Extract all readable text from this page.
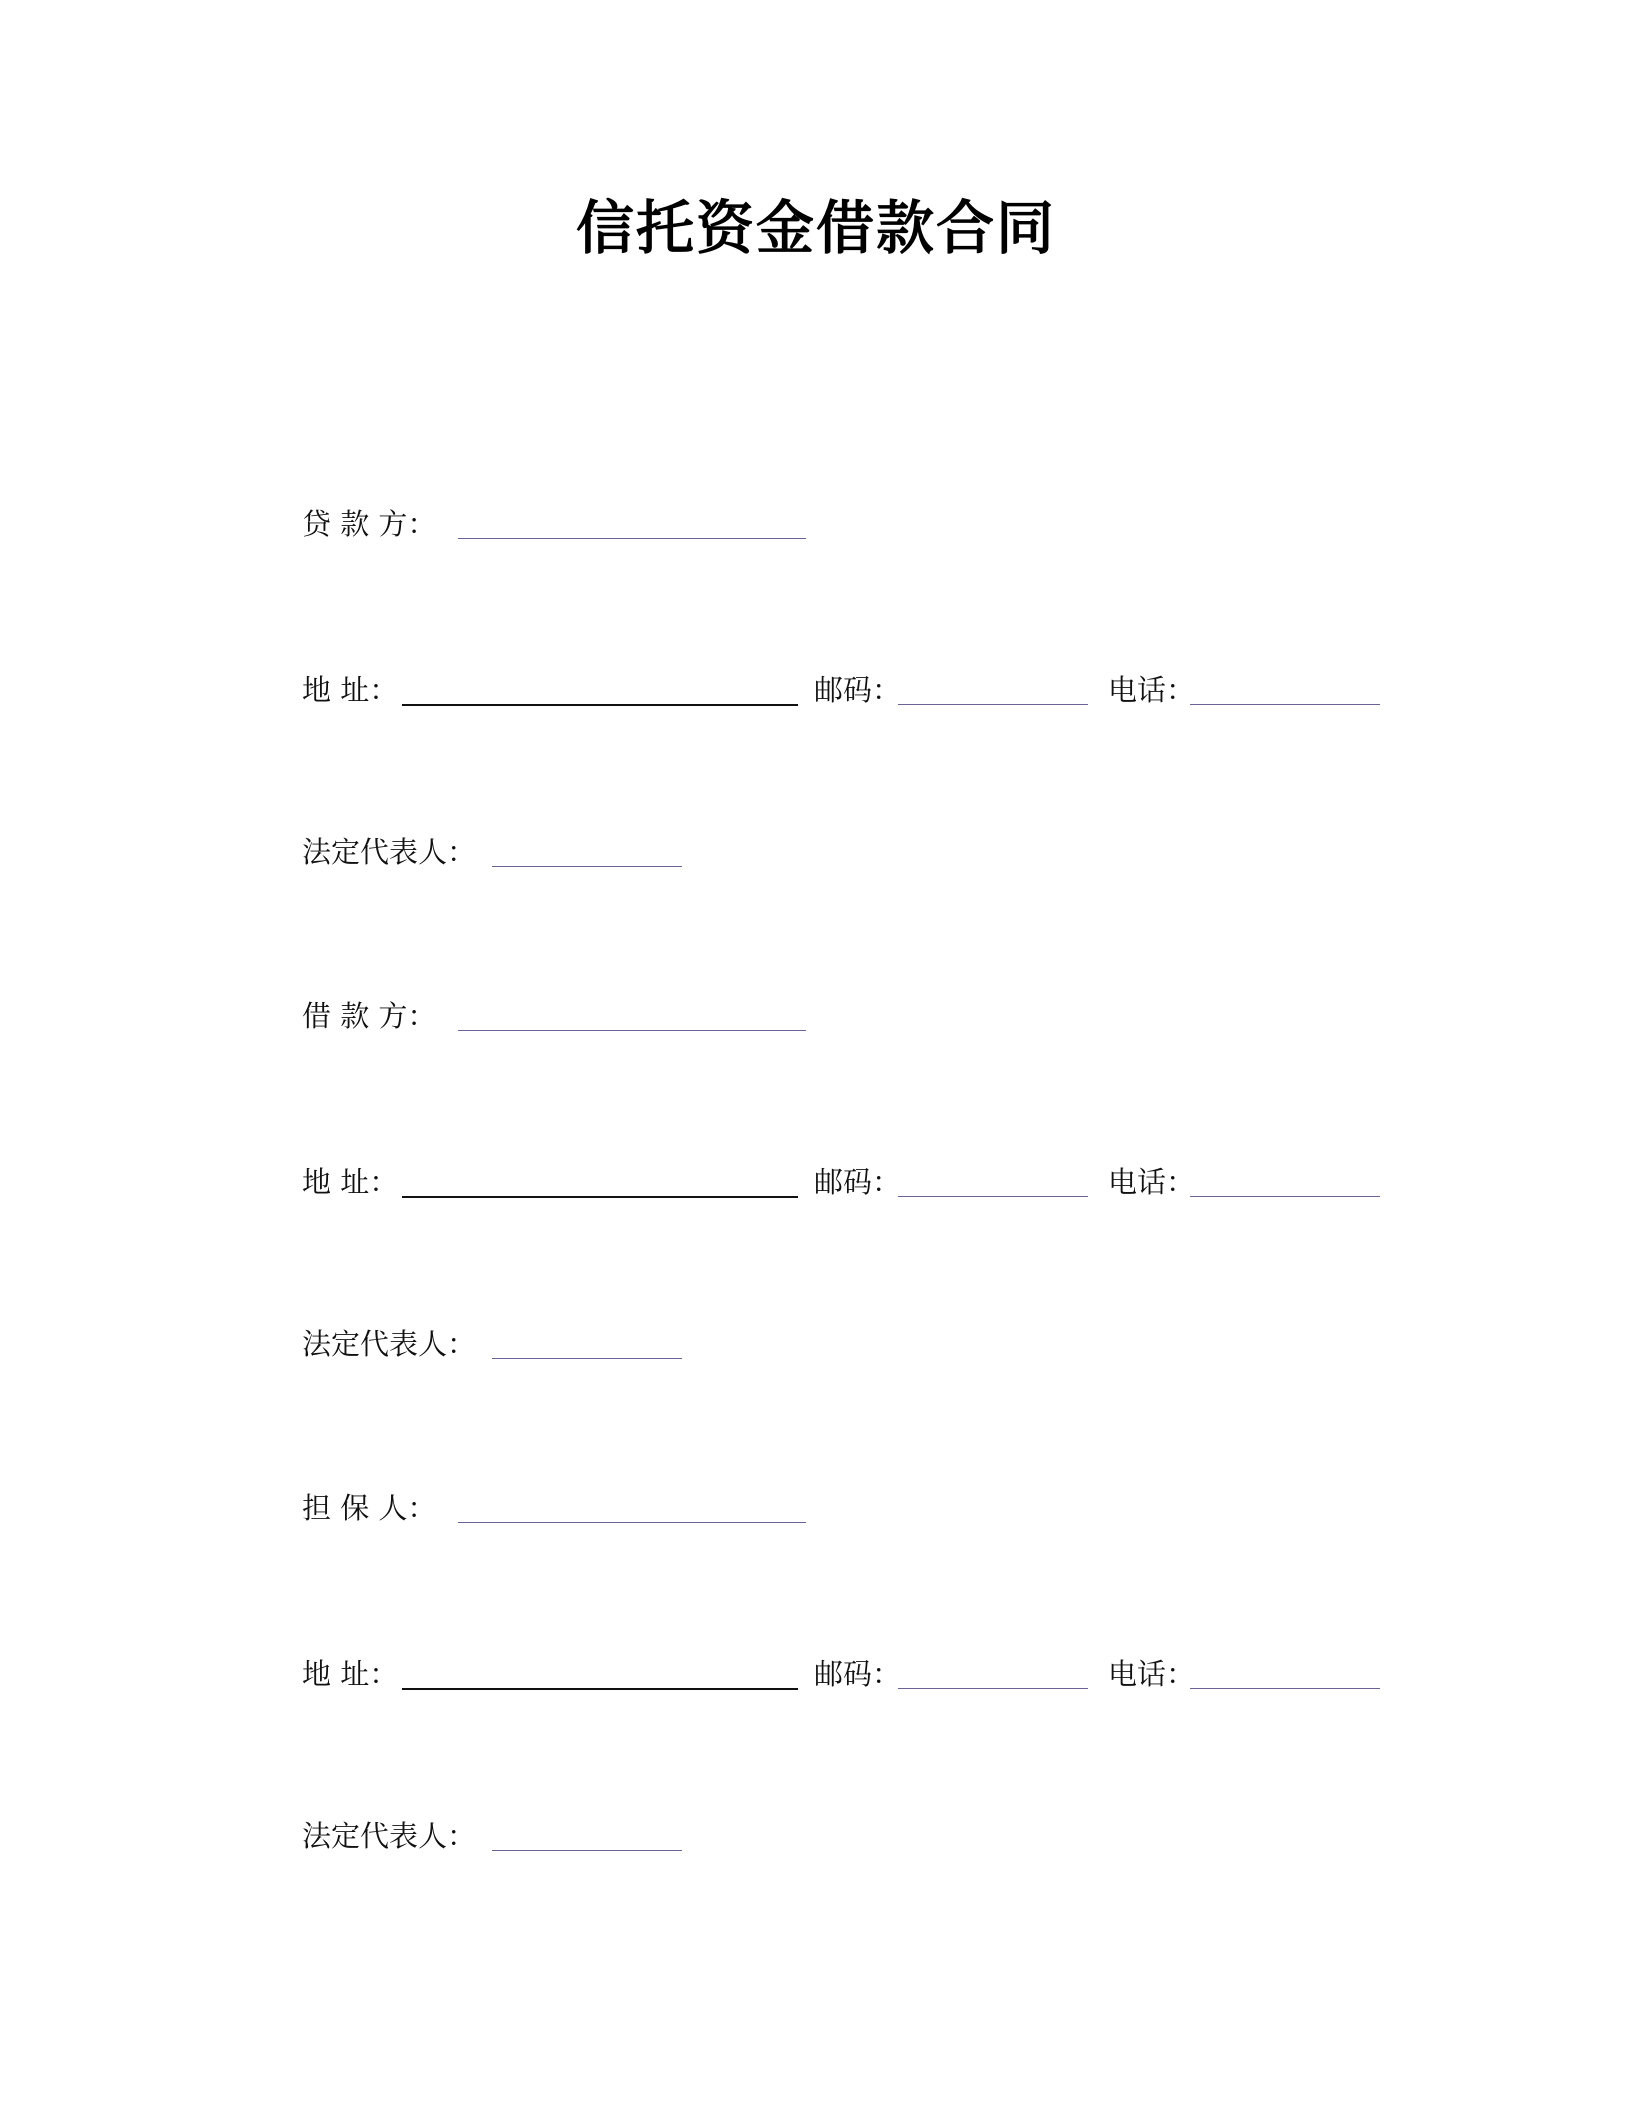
信托资金借款合同
贷 款 方：
地 址：	邮码：	电话：
法定代表人：
借 款 方：
地 址：	邮码：	电话：
法定代表人：
担 保 人：
地 址：	邮码：	电话：
法定代表人：
